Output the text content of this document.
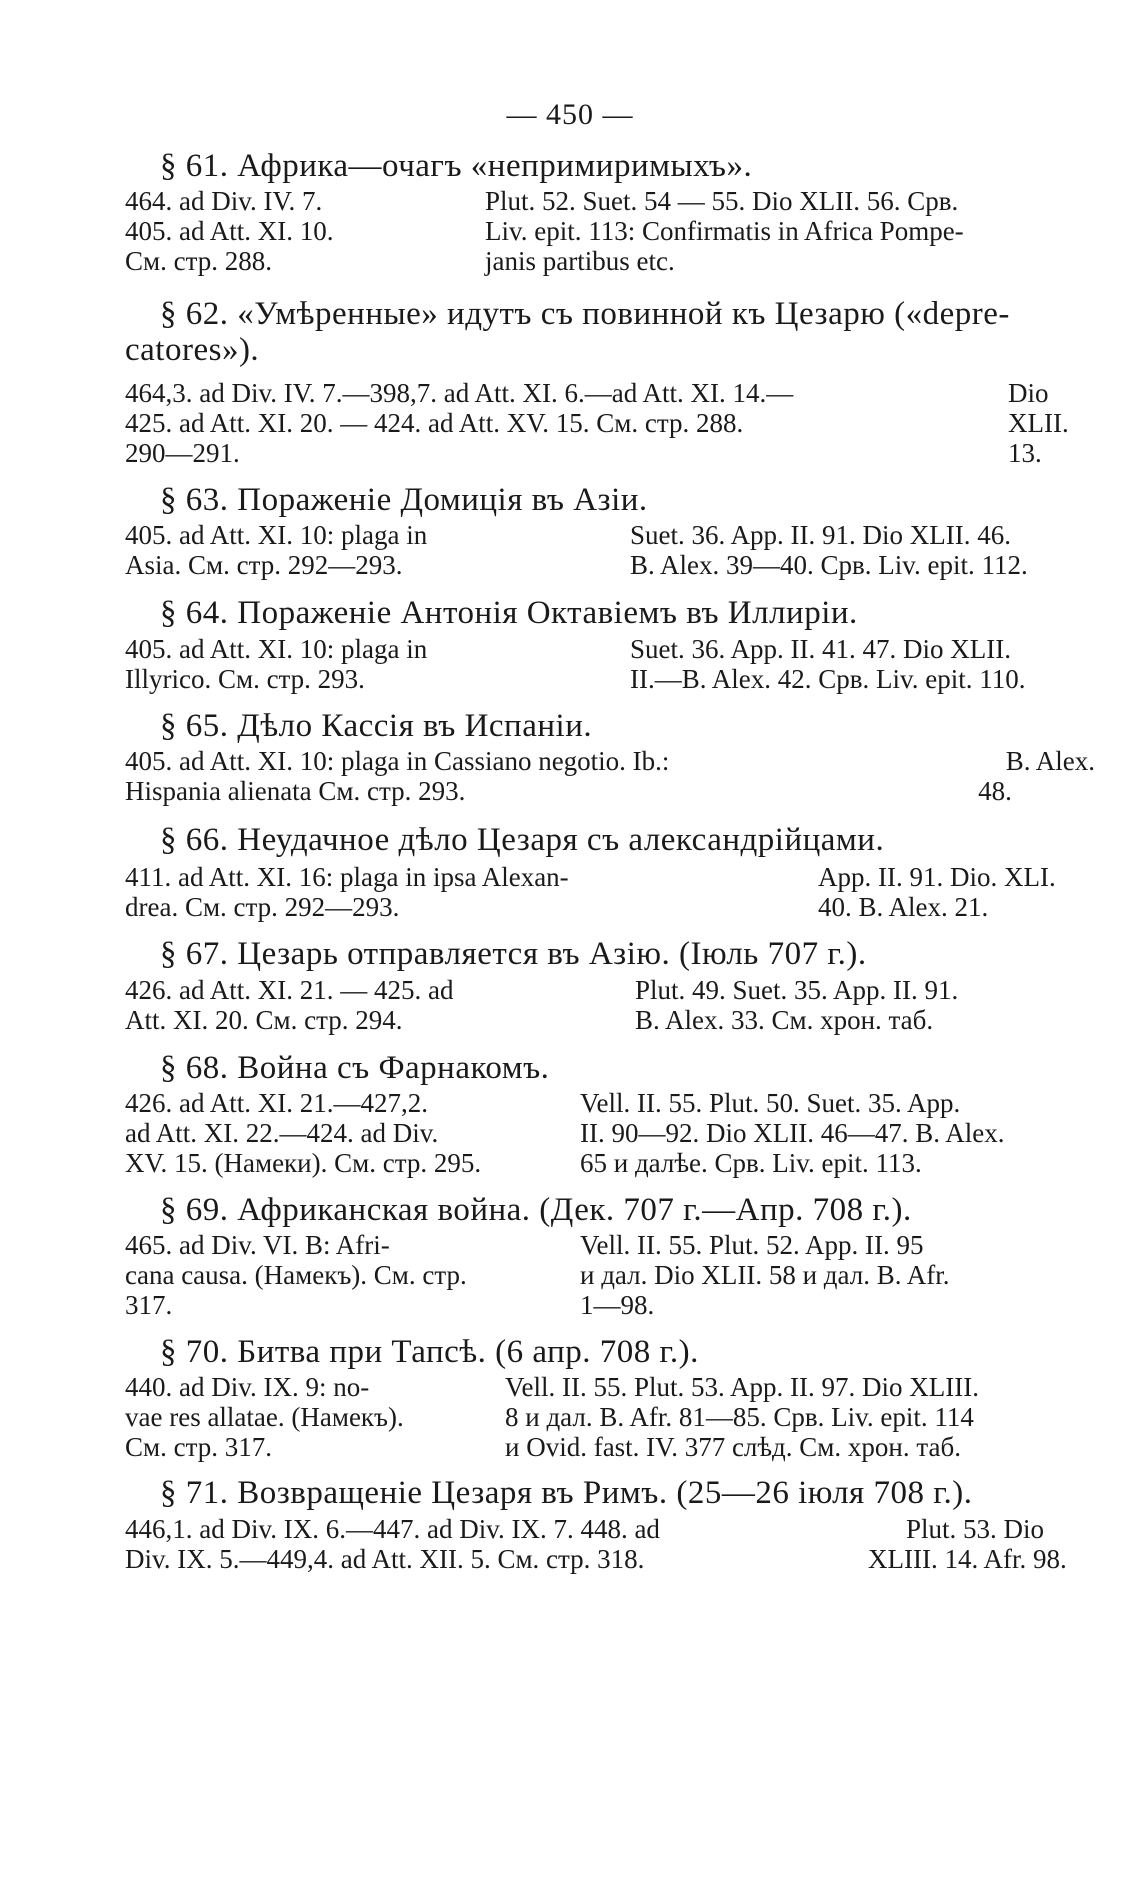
— 450 —
§ 61. Африка—очагъ «непримиримыхъ».
464. ad Div. IV. 7.
405. ad Att. XI. 10.
См. стр. 288.
Plut. 52. Suet. 54 — 55. Dio XLII. 56. Срв.
Liv. epit. 113: Confirmatis in Africa Pompe-
janis partibus etc.
§ 62. «Умѣренные» идутъ съ повинной къ Цезарю («depre-
catores»).
464,3. ad Div. IV. 7.—398,7. ad Att. XI. 6.—ad Att. XI. 14.—
425. ad Att. XI. 20. — 424. ad Att. XV. 15. См. стр. 288.
290—291.
Dio
XLII.
13.
§ 63. Пораженіе Домиція въ Азіи.
405. ad Att. XI. 10: plaga in
Asia. См. стр. 292—293.
Suet. 36. App. II. 91. Dio XLII. 46.
B. Alex. 39—40. Срв. Liv. epit. 112.
§ 64. Пораженіе Антонія Октавіемъ въ Иллиріи.
405. ad Att. XI. 10: plaga in
Illyrico. См. стр. 293.
Suet. 36. App. II. 41. 47. Dio XLII.
II.—B. Alex. 42. Срв. Liv. epit. 110.
§ 65. Дѣло Кассія въ Испаніи.
405. ad Att. XI. 10: plaga in Cassiano negotio. Ib.:
Hispania alienata См. стр. 293.
B. Alex.
48.
§ 66. Неудачное дѣло Цезаря съ александрійцами.
411. ad Att. XI. 16: plaga in ipsa Alexan-
drea. См. стр. 292—293.
App. II. 91. Dio. XLI.
40. B. Alex. 21.
§ 67. Цезарь отправляется въ Азію. (Іюль 707 г.).
426. ad Att. XI. 21. — 425. ad
Att. XI. 20. См. стр. 294.
Plut. 49. Suet. 35. App. II. 91.
B. Alex. 33. См. хрон. таб.
§ 68. Война съ Фарнакомъ.
426. ad Att. XI. 21.—427,2.
ad Att. XI. 22.—424. ad Div.
XV. 15. (Намеки). См. стр. 295.
Vell. II. 55. Plut. 50. Suet. 35. App.
II. 90—92. Dio XLII. 46—47. B. Alex.
65 и далѣе. Срв. Liv. epit. 113.
§ 69. Африканская война. (Дек. 707 г.—Апр. 708 г.).
465. ad Div. VI. B: Afri-
cana causa. (Намекъ). См. стр.
317.
Vell. II. 55. Plut. 52. App. II. 95
и дал. Dio XLII. 58 и дал. B. Afr.
1—98.
§ 70. Битва при Тапсѣ. (6 апр. 708 г.).
440. ad Div. IX. 9: no-
vae res allatae. (Намекъ).
См. стр. 317.
Vell. II. 55. Plut. 53. App. II. 97. Dio XLIII.
8 и дал. B. Afr. 81—85. Срв. Liv. epit. 114
и Ovid. fast. IV. 377 слѣд. См. хрон. таб.
§ 71. Возвращеніе Цезаря въ Римъ. (25—26 іюля 708 г.).
446,1. ad Div. IX. 6.—447. ad Div. IX. 7. 448. ad
Div. IX. 5.—449,4. ad Att. XII. 5. См. стр. 318.
Plut. 53. Dio
XLIII. 14. Afr. 98.
